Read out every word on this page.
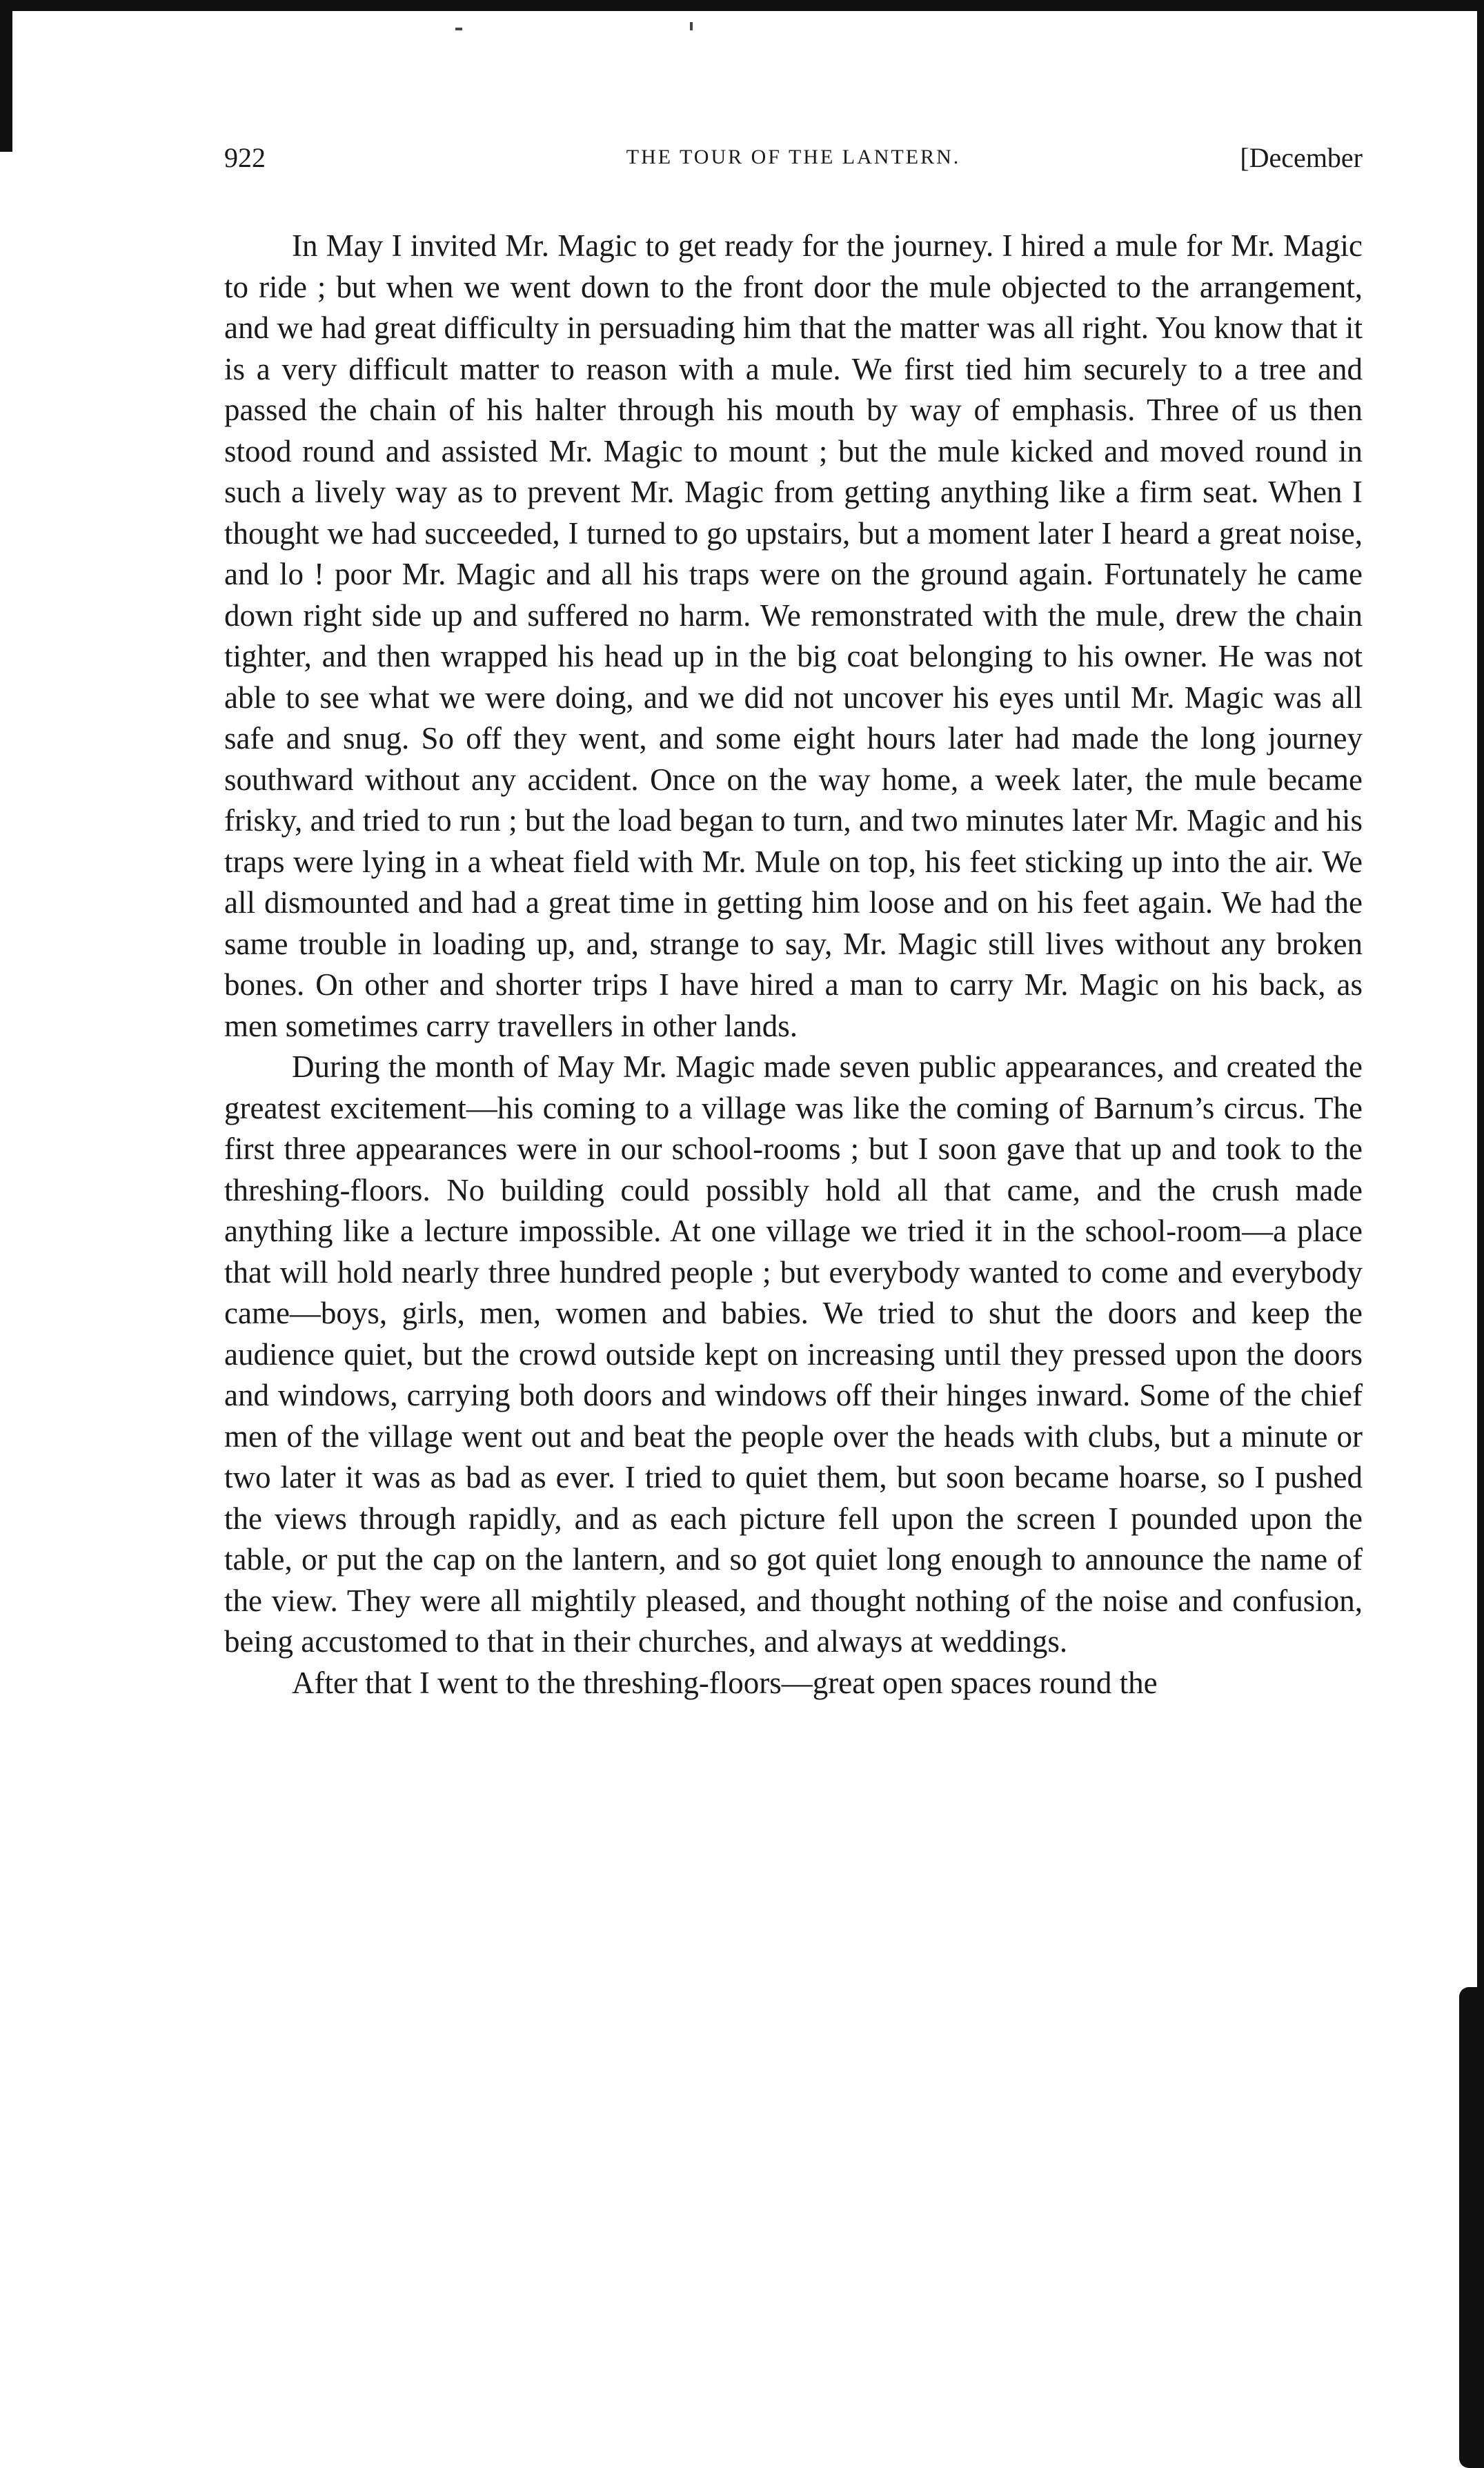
922	THE TOUR OF THE LANTERN.	[December

In May I invited Mr. Magic to get ready for the journey. I hired a mule for Mr. Magic to ride ; but when we went down to the front door the mule objected to the arrangement, and we had great difficulty in persuading him that the matter was all right. You know that it is a very difficult matter to reason with a mule. We first tied him securely to a tree and passed the chain of his halter through his mouth by way of emphasis. Three of us then stood round and assisted Mr. Magic to mount ; but the mule kicked and moved round in such a lively way as to prevent Mr. Magic from getting anything like a firm seat. When I thought we had succeeded, I turned to go upstairs, but a moment later I heard a great noise, and lo ! poor Mr. Magic and all his traps were on the ground again. Fortunately he came down right side up and suffered no harm. We remonstrated with the mule, drew the chain tighter, and then wrapped his head up in the big coat belonging to his owner. He was not able to see what we were doing, and we did not uncover his eyes until Mr. Magic was all safe and snug. So off they went, and some eight hours later had made the long journey southward without any accident. Once on the way home, a week later, the mule became frisky, and tried to run ; but the load began to turn, and two minutes later Mr. Magic and his traps were lying in a wheat field with Mr. Mule on top, his feet sticking up into the air. We all dismounted and had a great time in getting him loose and on his feet again. We had the same trouble in loading up, and, strange to say, Mr. Magic still lives without any broken bones. On other and shorter trips I have hired a man to carry Mr. Magic on his back, as men sometimes carry travellers in other lands.

During the month of May Mr. Magic made seven public appearances, and created the greatest excitement—his coming to a village was like the coming of Barnum’s circus. The first three appearances were in our school-rooms ; but I soon gave that up and took to the threshing-floors. No building could possibly hold all that came, and the crush made anything like a lecture impossible. At one village we tried it in the school-room—a place that will hold nearly three hundred people ; but everybody wanted to come and everybody came—boys, girls, men, women and babies. We tried to shut the doors and keep the audience quiet, but the crowd outside kept on increasing until they pressed upon the doors and windows, carrying both doors and windows off their hinges inward. Some of the chief men of the village went out and beat the people over the heads with clubs, but a minute or two later it was as bad as ever. I tried to quiet them, but soon became hoarse, so I pushed the views through rapidly, and as each picture fell upon the screen I pounded upon the table, or put the cap on the lantern, and so got quiet long enough to announce the name of the view. They were all mightily pleased, and thought nothing of the noise and confusion, being accustomed to that in their churches, and always at weddings.

After that I went to the threshing-floors—great open spaces round the
